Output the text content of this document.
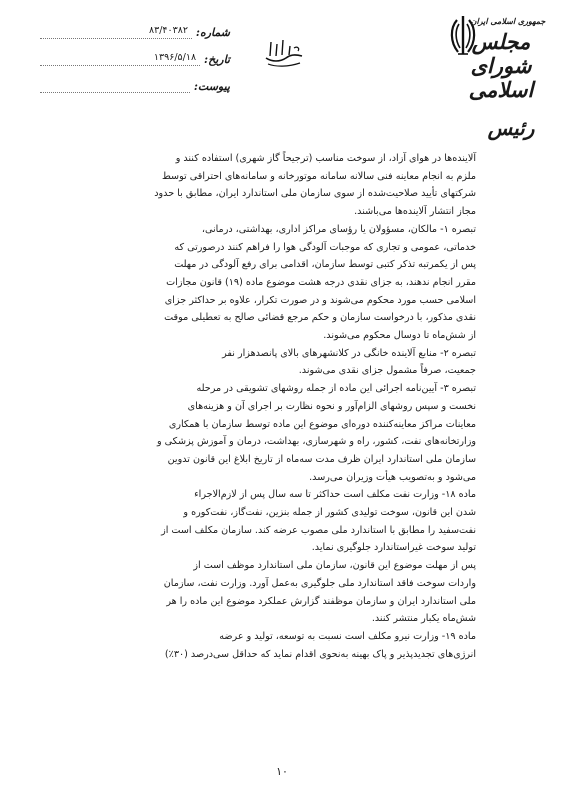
شماره:
۸۳/۴۰۳۸۲
تاریخ:
۱۳۹۶/۵/۱۸
پیوست:
جمهوری اسلامی ایران
مجلس شورای اسلامی
رئیس

آلاینده‌ها در هوای آزاد، از سوخت مناسب (ترجیحاً گاز شهری) استفاده کنند و

ملزم به انجام معاینه فنی سالانه سامانه موتورخانه و سامانه‌های احتراقی توسط

شرکتهای تأیید صلاحیت‌شده از سوی سازمان ملی استاندارد ایران، مطابق با حدود

مجاز انتشار آلاینده‌ها می‌باشند.

تبصره ۱- مالکان، مسؤولان یا رؤسای مراکز اداری، بهداشتی، درمانی،

خدماتی، عمومی و تجاری که موجبات آلودگی هوا را فراهم کنند درصورتی که

پس از یکمرتبه تذکر کتبی توسط سازمان، اقدامی برای رفع آلودگی در مهلت

مقرر انجام ندهند، به جزای نقدی درجه هشت موضوع ماده (۱۹) قانون مجازات

اسلامی حسب مورد محکوم می‌شوند و در صورت تکرار، علاوه بر حداکثر جزای

نقدی مذکور، با درخواست سازمان و حکم مرجع قضائی صالح به تعطیلی موقت

از شش‌ماه تا دوسال محکوم می‌شوند.

تبصره ۲- منابع آلاینده خانگی در کلانشهرهای بالای پانصدهزار نفر

جمعیت، صرفاً مشمول جزای نقدی می‌شوند.

تبصره ۳- آیین‌نامه اجرائی این ماده از جمله روشهای تشویقی در مرحله

نخست و سپس روشهای الزام‌آور و نحوه نظارت بر اجرای آن و هزینه‌های

معاینات مراکز معاینه‌کننده دوره‌ای موضوع این ماده توسط سازمان با همکاری

وزارتخانه‌های نفت، کشور، راه و شهرسازی، بهداشت، درمان و آموزش پزشکی و

سازمان ملی استاندارد ایران ظرف مدت سه‌ماه از تاریخ ابلاغ این قانون تدوین

می‌شود و به‌تصویب هیأت وزیران می‌رسد.

ماده ۱۸- وزارت نفت مکلف است حداکثر تا سه سال پس از لازم‌الاجراء

شدن این قانون، سوخت تولیدی کشور از جمله بنزین، نفت‌گاز، نفت‌کوره و

نفت‌سفید را مطابق با استاندارد ملی مصوب عرضه کند. سازمان مکلف است از

تولید سوخت غیراستاندارد جلوگیری نماید.

پس از مهلت موضوع این قانون، سازمان ملی استاندارد موظف است از

واردات سوخت فاقد استاندارد ملی جلوگیری به‌عمل آورد. وزارت نفت، سازمان

ملی استاندارد ایران و سازمان موظفند گزارش عملکرد موضوع این ماده را هر

شش‌ماه یکبار منتشر کنند.

ماده ۱۹- وزارت نیرو مکلف است نسبت به توسعه، تولید و عرضه

انرژی‌های تجدیدپذیر و پاک بهینه به‌نحوی اقدام نماید که حداقل سی‌درصد (۳۰٪)

۱۰
